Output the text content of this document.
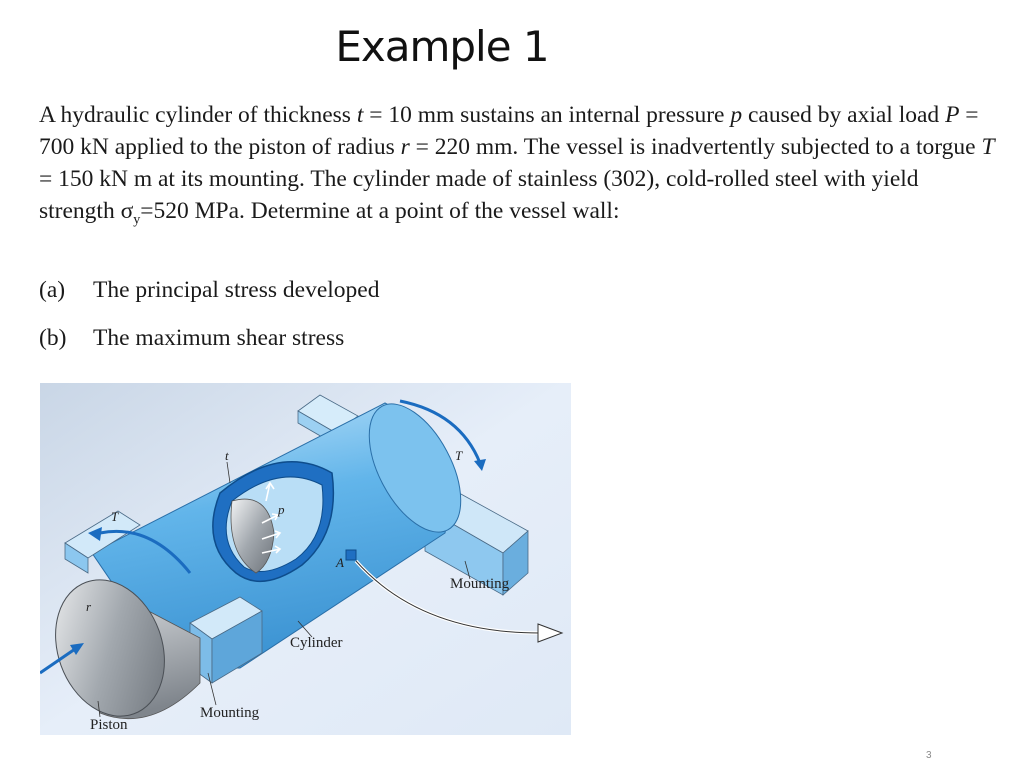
Example 1

A hydraulic cylinder of thickness t = 10 mm sustains an internal pressure p caused by axial load P = 700 kN applied to the piston of radius r = 220 mm. The vessel is inadvertently subjected to a torgue T = 150 kN m at its mounting. The cylinder made of stainless (302), cold-rolled steel with yield strength $\sigma_y=520$ MPa. Determine at a point of the vessel wall:

(a) The principal stress developed
(b) The maximum shear stress
Mounting
Mounting
Cylinder
Piston
T
T
t
p
A
r
3
